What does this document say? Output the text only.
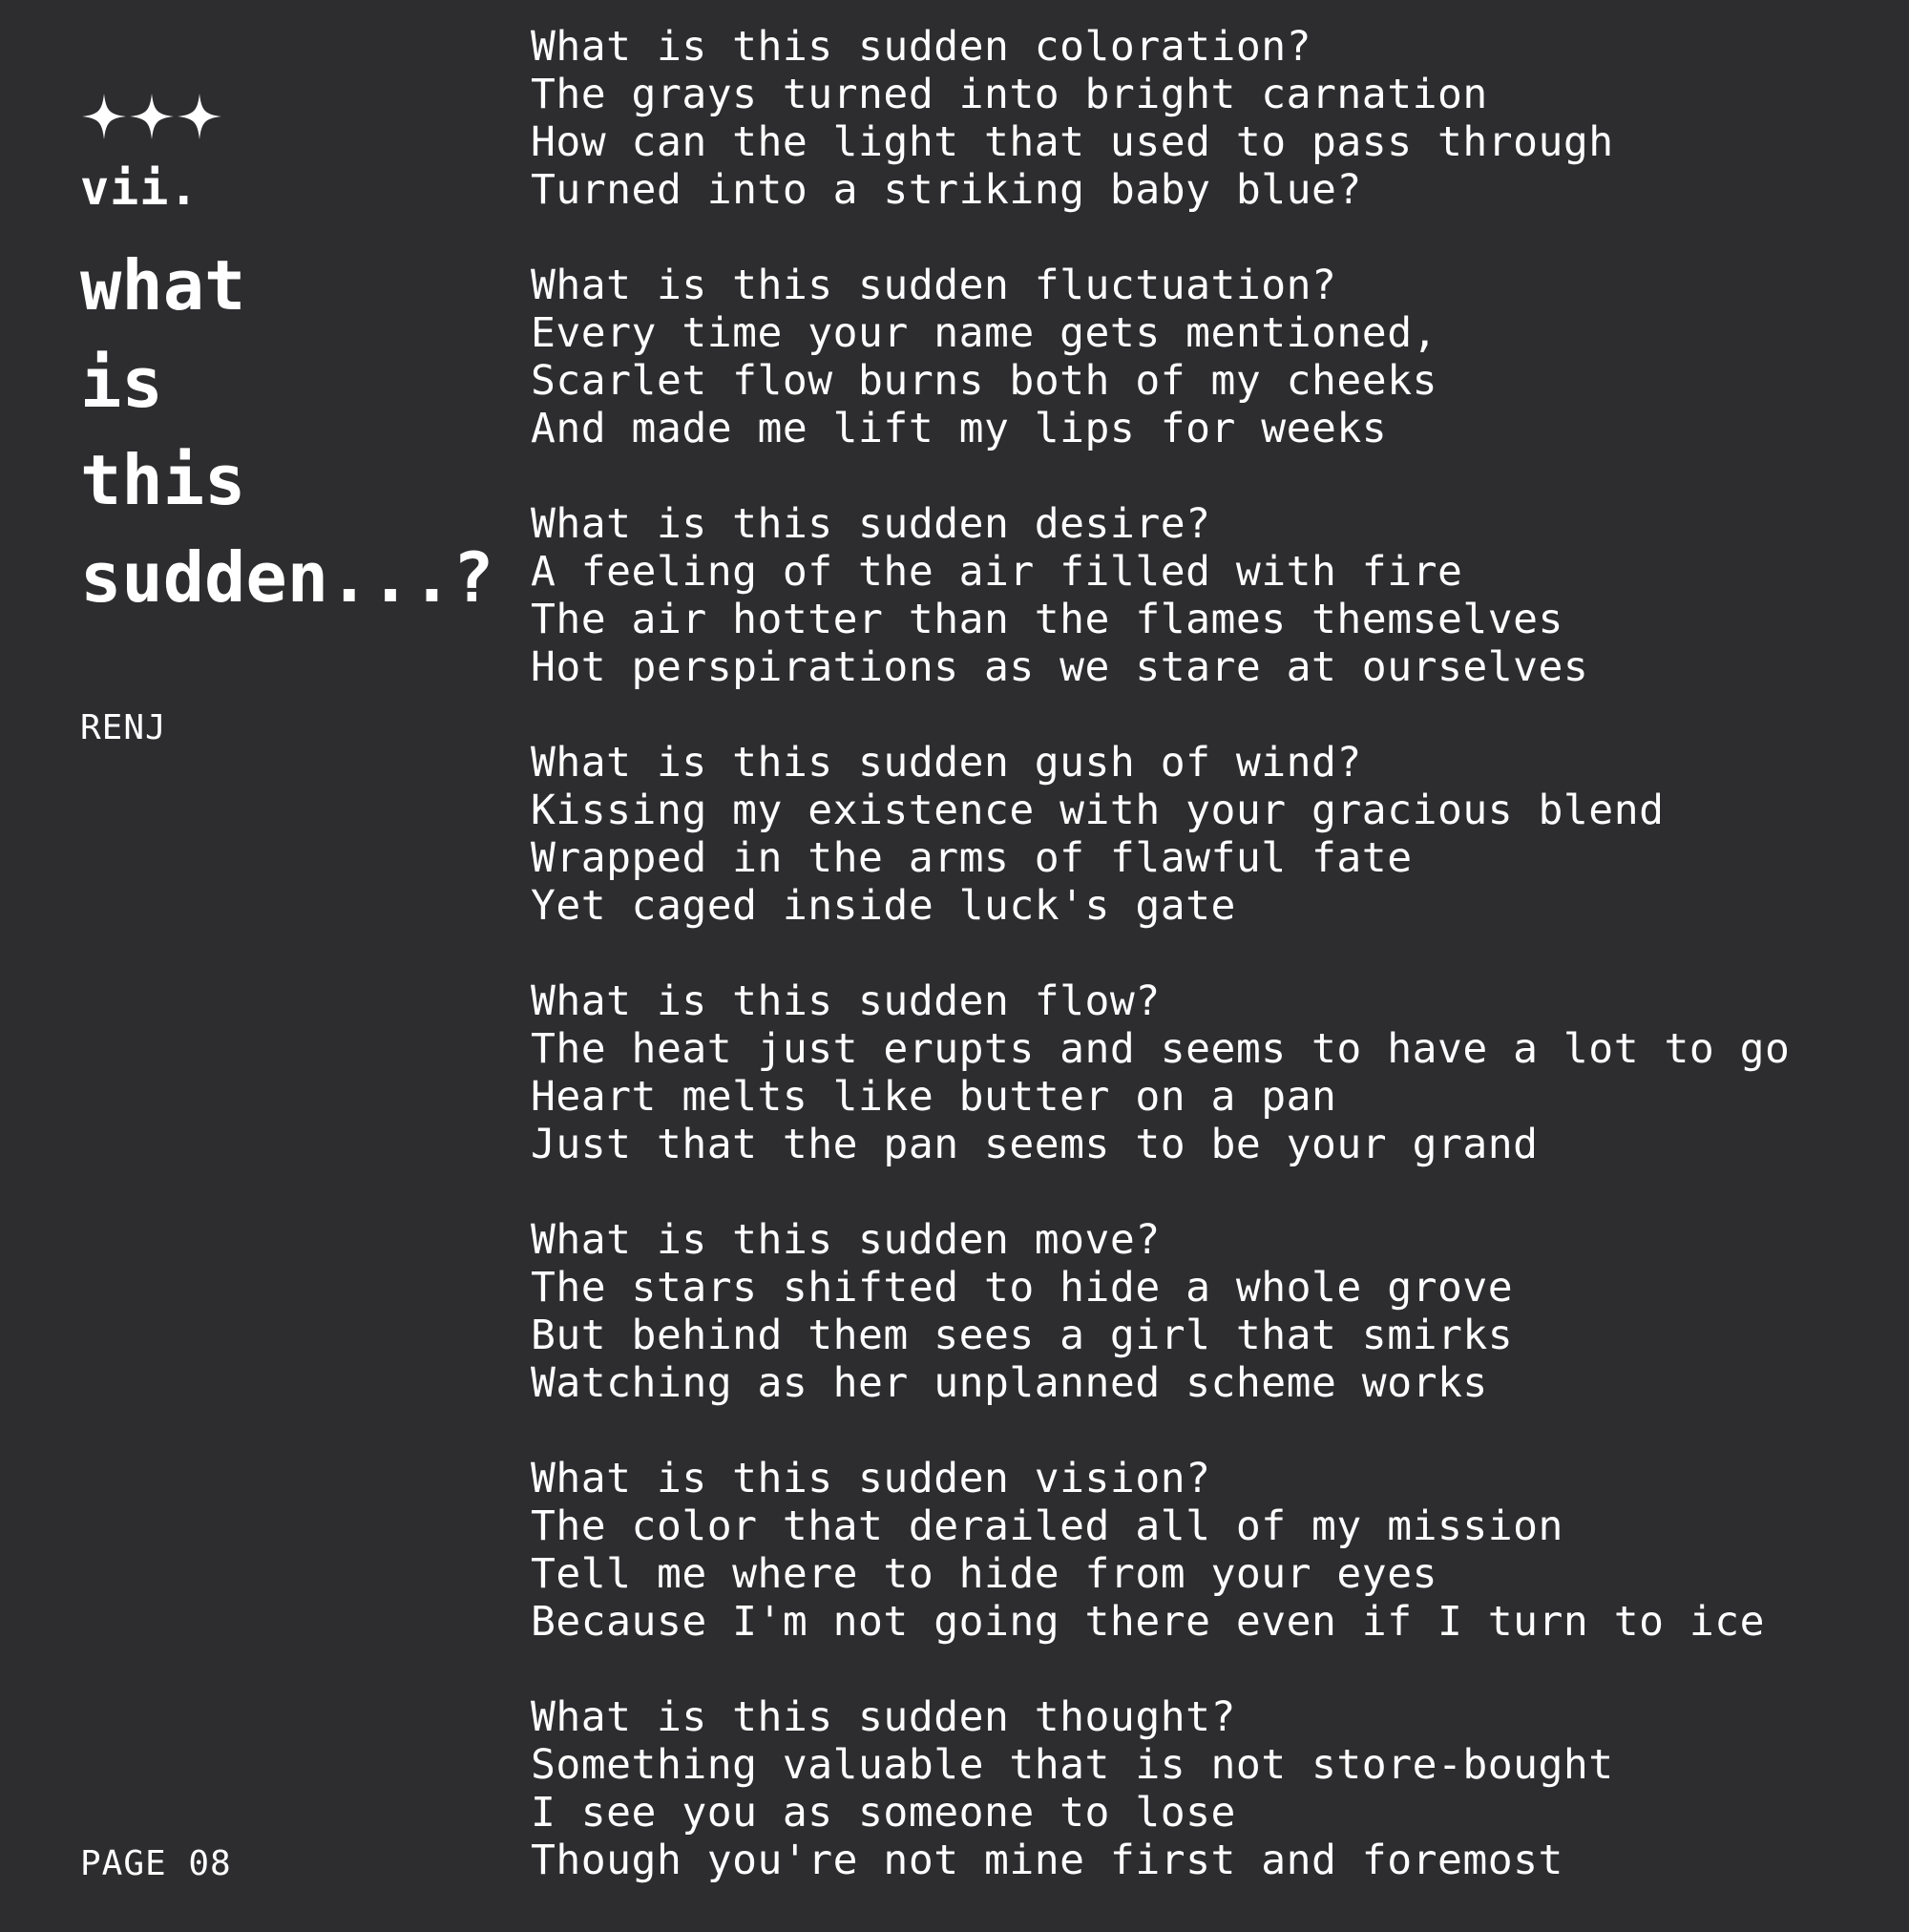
vii.
what
is
this
sudden...?
RENJ
PAGE 08
What is this sudden coloration?
The grays turned into bright carnation
How can the light that used to pass through
Turned into a striking baby blue?
What is this sudden fluctuation?
Every time your name gets mentioned,
Scarlet flow burns both of my cheeks
And made me lift my lips for weeks
What is this sudden desire?
A feeling of the air filled with fire
The air hotter than the flames themselves
Hot perspirations as we stare at ourselves
What is this sudden gush of wind?
Kissing my existence with your gracious blend
Wrapped in the arms of flawful fate
Yet caged inside luck's gate
What is this sudden flow?
The heat just erupts and seems to have a lot to go
Heart melts like butter on a pan
Just that the pan seems to be your grand
What is this sudden move?
The stars shifted to hide a whole grove
But behind them sees a girl that smirks
Watching as her unplanned scheme works
What is this sudden vision?
The color that derailed all of my mission
Tell me where to hide from your eyes
Because I'm not going there even if I turn to ice
What is this sudden thought?
Something valuable that is not store-bought
I see you as someone to lose
Though you're not mine first and foremost
